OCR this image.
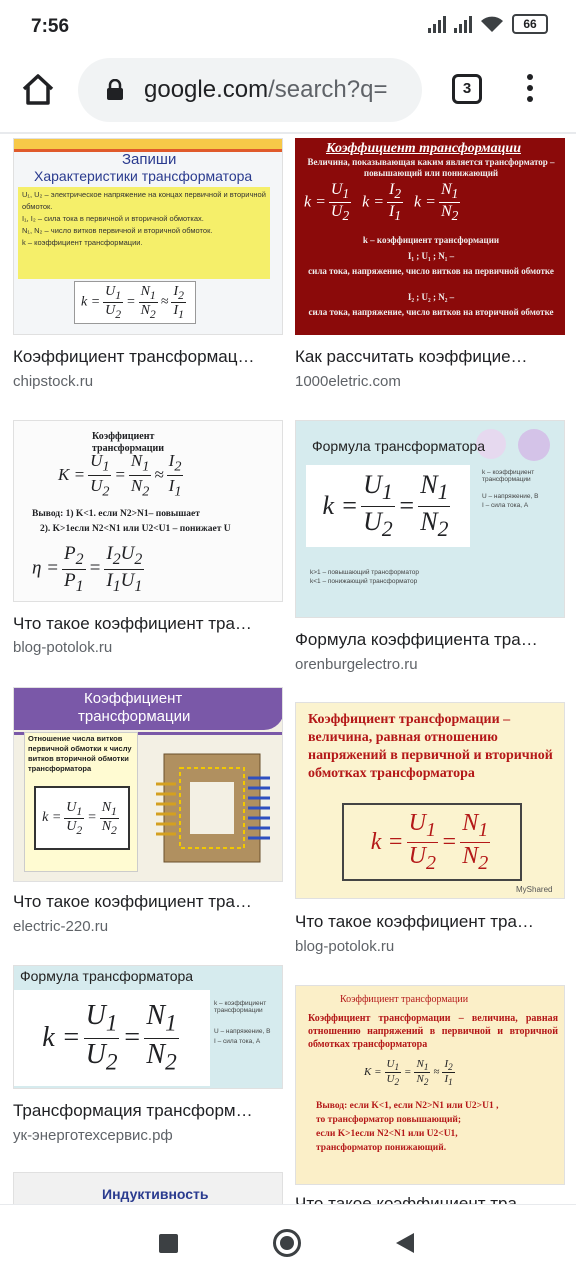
7:56	66
google.com/search?q=	3
Запиши
Характеристики трансформатора
U₁, U₂ – электрическое напряжение на концах первичной и вторичной обмоток.
I₁, I₂ – сила тока в первичной и вторичной обмотках.
N₁, N₂ – число витков первичной и вторичной обмоток.
k – коэффициент трансформации.
$k = \frac{U_1}{U_2} = \frac{N_1}{N_2} \approx \frac{I_2}{I_1}$
Коэффициент трансформац…
chipstock.ru
Коэффициент трансформации
Величина, показывающая каким является трансформатор – повышающий или понижающий
$k = \frac{U_1}{U_2}$ $k = \frac{I_2}{I_1}$ $k = \frac{N_1}{N_2}$
k – коэффициент трансформации
I₁ ; U₁ ; N₁ –
сила тока, напряжение, число витков на первичной обмотке
I₂ ; U₂ ; N₂ –
сила тока, напряжение, число витков на вторичной обмотке
Как рассчитать коэффицие…
1000eletric.com
Коэффициент
трансформации
$K = \frac{U_1}{U_2} = \frac{N_1}{N_2} \approx \frac{I_2}{I_1}$
Вывод: 1) K<1. если N2>N1– повышает
2). K>1если N2<N1 или U2<U1 – понижает U
$\eta = \frac{P_2}{P_1} = \frac{I_2U_2}{I_1U_1}$
Что такое коэффициент тра…
blog-potolok.ru
Формула трансформатора
$k = \frac{U_1}{U_2} = \frac{N_1}{N_2}$	k – коэффициент трансформации
U – напряжение, В
I – сила тока, А
k>1 – повышающий трансформатор
k<1 – понижающий трансформатор
Формула коэффициента тра…
orenburgelectro.ru
Коэффициент
трансформации
Отношение числа витков первичной обмотки к числу витков вторичной обмотки трансформатора
$k = \frac{U_1}{U_2} = \frac{N_1}{N_2}$
Что такое коэффициент тра…
electric-220.ru
Коэффициент трансформации – величина, равная отношению напряжений в первичной и вторичной обмотках трансформатора
$k = \frac{U_1}{U_2} = \frac{N_1}{N_2}$
MyShared
Что такое коэффициент тра…
blog-potolok.ru
Формула трансформатора
$k = \frac{U_1}{U_2} = \frac{N_1}{N_2}$	k – коэффициент трансформации
U – напряжение, В
I – сила тока, А
Трансформация трансформ…
ук-энерготехсервис.рф
Коэффициент трансформации
Коэффициент трансформации – величина, равная отношению напряжений в первичной и вторичной обмотках трансформатора
$K = \frac{U_1}{U_2} = \frac{N_1}{N_2} \approx \frac{I_2}{I_1}$
Вывод: если K<1, если N2>N1 или U2>U1 ,
то трансформатор повышающий;
если K>1если N2<N1 или U2<U1,
трансформатор понижающий.
Индуктивность
